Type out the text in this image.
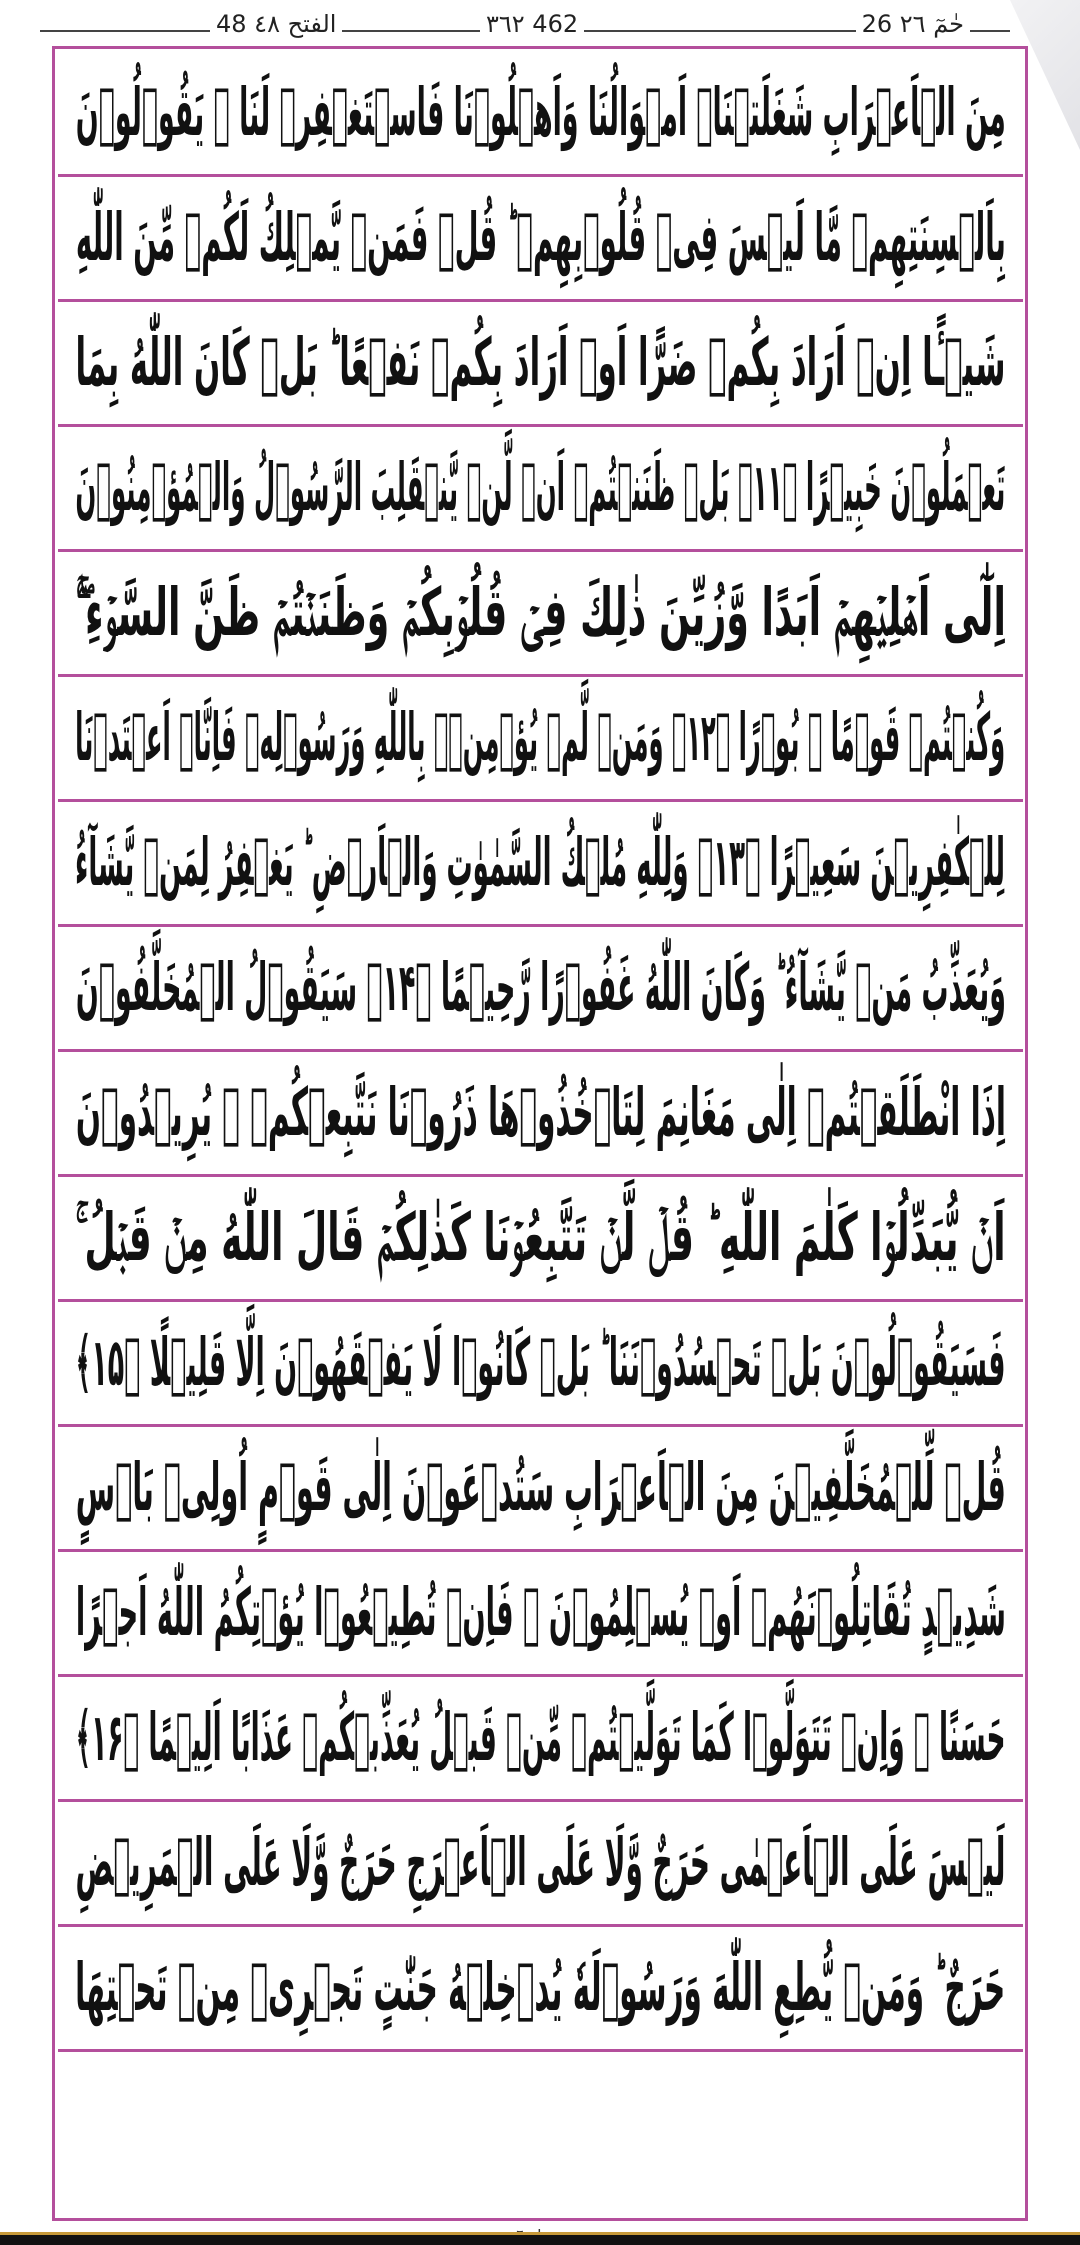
48 الفتح ٤٨	٣٦٢ 462	26 حٰمٓ ٢٦
مِنَ الۡاَعۡرَابِ شَغَلَتۡنَاۤ اَمۡوَالُنَا وَاَهۡلُوۡنَا فَاسۡتَغۡفِرۡ لَنَا ۚ يَقُوۡلُوۡنَ
بِاَلۡسِنَتِهِمۡ مَّا لَيۡسَ فِىۡ قُلُوۡبِهِمۡ ؕ قُلۡ فَمَنۡ يَّمۡلِكُ لَكُمۡ مِّنَ اللّٰهِ
شَيۡـًٔا اِنۡ اَرَادَ بِكُمۡ ضَرًّا اَوۡ اَرَادَ بِكُمۡ نَفۡعًا ؕ بَلۡ كَانَ اللّٰهُ بِمَا
تَعۡمَلُوۡنَ خَبِيۡرًا ﴿۱۱﴾ بَلۡ ظَنَنۡتُمۡ اَنۡ لَّنۡ يَّنۡقَلِبَ الرَّسُوۡلُ وَالۡمُؤۡمِنُوۡنَ
اِلٰٓى اَهۡلِيۡهِمۡ اَبَدًا وَّزُيِّنَ ذٰلِكَ فِىۡ قُلُوۡبِكُمۡ وَظَنَنۡتُمۡ ظَنَّ السَّوۡءِ ۖۚ
وَكُنۡتُمۡ قَوۡمًا ۢ بُوۡرًا ﴿۱۲﴾ وَمَنۡ لَّمۡ يُؤۡمِنۡۢ بِاللّٰهِ وَرَسُوۡلِهٖ فَاِنَّاۤ اَعۡتَدۡنَا
لِلۡكٰفِرِيۡنَ سَعِيۡرًا ﴿۱۳﴾ وَلِلّٰهِ مُلۡكُ السَّمٰوٰتِ وَالۡاَرۡضِ ؕ يَغۡفِرُ لِمَنۡ يَّشَآءُ
وَيُعَذِّبُ مَنۡ يَّشَآءُ ؕ وَكَانَ اللّٰهُ غَفُوۡرًا رَّحِيۡمًا ﴿۱۴﴾ سَيَقُوۡلُ الۡمُخَلَّفُوۡنَ
اِذَا انْطَلَقۡتُمۡ اِلٰى مَغَانِمَ لِتَاۡخُذُوۡهَا ذَرُوۡنَا نَتَّبِعۡكُمۡ ۚ يُرِيۡدُوۡنَ
اَنۡ يُّبَدِّلُوۡا كَلٰمَ اللّٰهِ ؕ قُلۡ لَّنۡ تَتَّبِعُوۡنَا كَذٰلِكُمۡ قَالَ اللّٰهُ مِنۡ قَبۡلُ ۚ
فَسَيَقُوۡلُوۡنَ بَلۡ تَحۡسُدُوۡنَنَا ؕ بَلۡ كَانُوۡا لَا يَفۡقَهُوۡنَ اِلَّا قَلِيۡلًا ﴿۱۵﴾
قُلۡ لِّلۡمُخَلَّفِيۡنَ مِنَ الۡاَعۡرَابِ سَتُدۡعَوۡنَ اِلٰى قَوۡمٍ اُولِىۡ بَاۡسٍ
شَدِيۡدٍ تُقَاتِلُوۡنَهُمۡ اَوۡ يُسۡلِمُوۡنَ ۚ فَاِنۡ تُطِيۡعُوۡا يُؤۡتِكُمُ اللّٰهُ اَجۡرًا
حَسَنًا ۚ وَاِنۡ تَتَوَلَّوۡا كَمَا تَوَلَّيۡتُمۡ مِّنۡ قَبۡلُ يُعَذِّبۡكُمۡ عَذَابًا اَلِيۡمًا ﴿۱۶﴾
لَيۡسَ عَلَى الۡاَعۡمٰى حَرَجٌ وَّلَا عَلَى الۡاَعۡرَجِ حَرَجٌ وَّلَا عَلَى الۡمَرِيۡضِ
حَرَجٌ ؕ وَمَنۡ يُّطِعِ اللّٰهَ وَرَسُوۡلَهٗ يُدۡخِلۡهُ جَنّٰتٍ تَجۡرِىۡ مِنۡ تَحۡتِهَا
